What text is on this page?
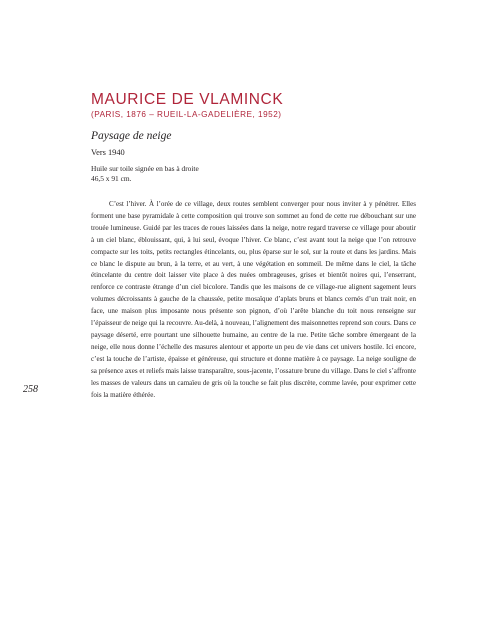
MAURICE DE VLAMINCK
(PARIS, 1876 – RUEIL-LA-GADELIÈRE, 1952)
Paysage de neige
Vers 1940
Huile sur toile signée en bas à droite
46,5 x 91 cm.

C’est l’hiver. À l’orée de ce village, deux routes semblent converger pour nous inviter à y pénétrer. Elles forment une base pyramidale à cette composition qui trouve son sommet au fond de cette rue débouchant sur une trouée lumineuse. Guidé par les traces de roues laissées dans la neige, notre regard traverse ce village pour aboutir à un ciel blanc, éblouissant, qui, à lui seul, évoque l’hiver. Ce blanc, c’est avant tout la neige que l’on retrouve compacte sur les toits, petits rectangles étincelants, ou, plus éparse sur le sol, sur la route et dans les jardins. Mais ce blanc le dispute au brun, à la terre, et au vert, à une végétation en sommeil. De même dans le ciel, la tâche étincelante du centre doit laisser vite place à des nuées ombrageuses, grises et bientôt noires qui, l’enserrant, renforce ce contraste étrange d’un ciel bicolore. Tandis que les maisons de ce village-rue alignent sagement leurs volumes décroissants à gauche de la chaussée, petite mosaïque d’aplats bruns et blancs cernés d’un trait noir, en face, une maison plus imposante nous présente son pignon, d’où l’arête blanche du toit nous renseigne sur l’épaisseur de neige qui la recouvre. Au-delà, à nouveau, l’alignement des maisonnettes reprend son cours. Dans ce paysage déserté, erre pourtant une silhouette humaine, au centre de la rue. Petite tâche sombre émergeant de la neige, elle nous donne l’échelle des masures alentour et apporte un peu de vie dans cet univers hostile. Ici encore, c’est la touche de l’artiste, épaisse et généreuse, qui structure et donne matière à ce paysage. La neige souligne de sa présence axes et reliefs mais laisse transparaître, sous-jacente, l’ossature brune du village. Dans le ciel s’affronte les masses de valeurs dans un camaïeu de gris où la touche se fait plus discrète, comme lavée, pour exprimer cette fois la matière éthérée.

258
